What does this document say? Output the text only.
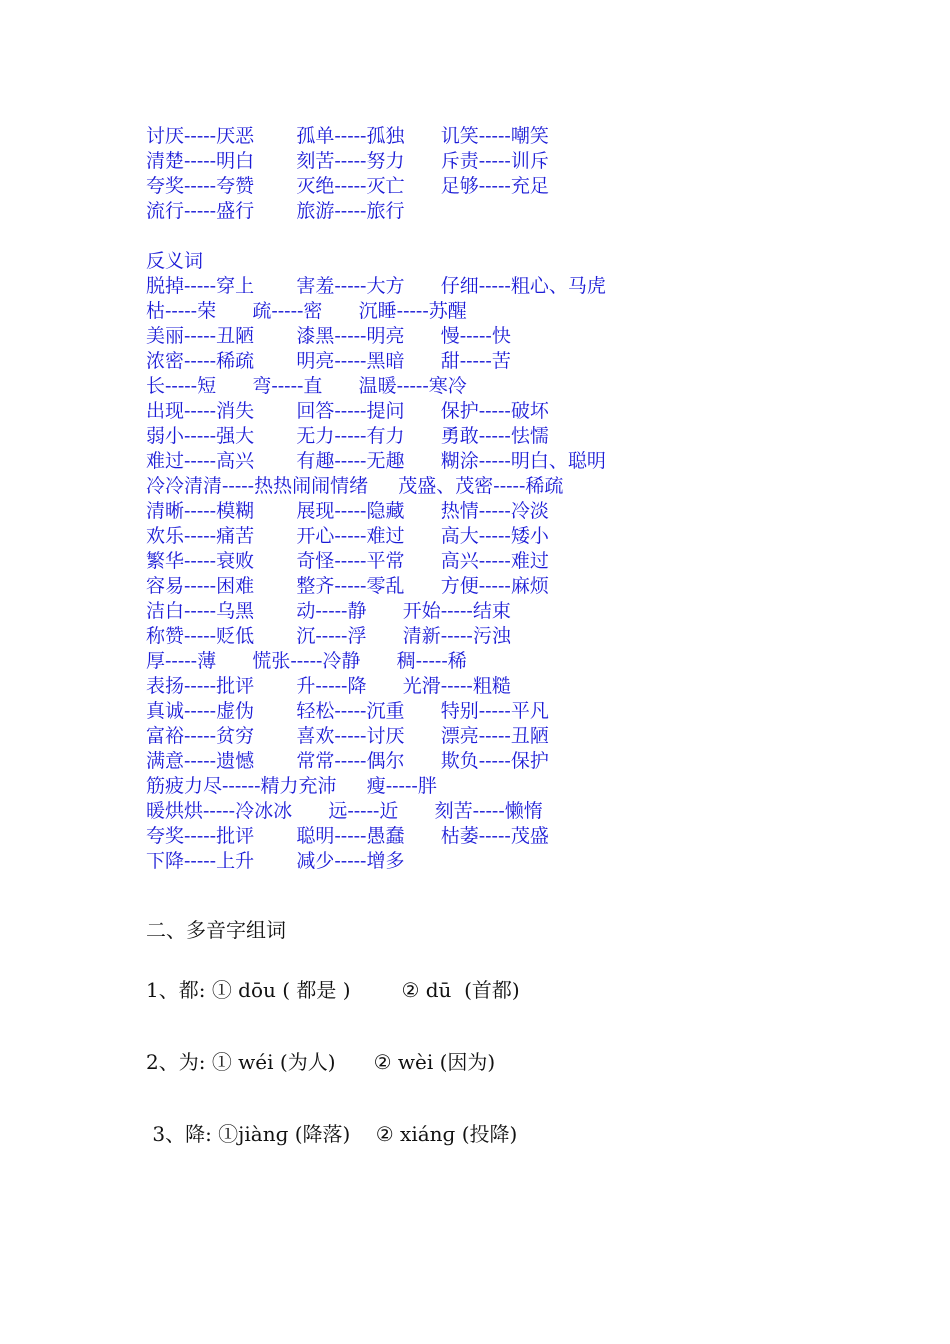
讨厌-----厌恶       孤单-----孤独      讥笑-----嘲笑
清楚-----明白       刻苦-----努力      斥责-----训斥
夸奖-----夸赞       灭绝-----灭亡      足够-----充足
流行-----盛行       旅游-----旅行
反义词
脱掉-----穿上       害羞-----大方      仔细-----粗心、马虎
枯-----荣      疏-----密      沉睡-----苏醒
美丽-----丑陋       漆黑-----明亮      慢-----快
浓密-----稀疏       明亮-----黑暗      甜-----苦
长-----短      弯-----直      温暖-----寒冷
出现-----消失       回答-----提问      保护-----破坏
弱小-----强大       无力-----有力      勇敢-----怯懦
难过-----高兴       有趣-----无趣      糊涂-----明白、聪明
冷冷清清-----热热闹闹情绪     茂盛、茂密-----稀疏
清晰-----模糊       展现-----隐藏      热情-----冷淡
欢乐-----痛苦       开心-----难过      高大-----矮小
繁华-----衰败       奇怪-----平常      高兴-----难过
容易-----困难       整齐-----零乱      方便-----麻烦
洁白-----乌黑       动-----静      开始-----结束
称赞-----贬低       沉-----浮      清新-----污浊
厚-----薄      慌张-----冷静      稠-----稀
表扬-----批评       升-----降      光滑-----粗糙
真诚-----虚伪       轻松-----沉重      特别-----平凡
富裕-----贫穷       喜欢-----讨厌      漂亮-----丑陋
满意-----遗憾       常常-----偶尔      欺负-----保护
筋疲力尽------精力充沛     瘦-----胖
暖烘烘-----冷冰冰      远-----近      刻苦-----懒惰
夸奖-----批评       聪明-----愚蠢      枯萎-----茂盛
下降-----上升       减少-----增多
二、多音字组词
1、都: ① dōu ( 都是 )        ② dū  (首都)
2、为: ① wéi (为人)      ② wèi (因为)
3、降: ①jiànɡ (降落)    ② xiánɡ (投降)
